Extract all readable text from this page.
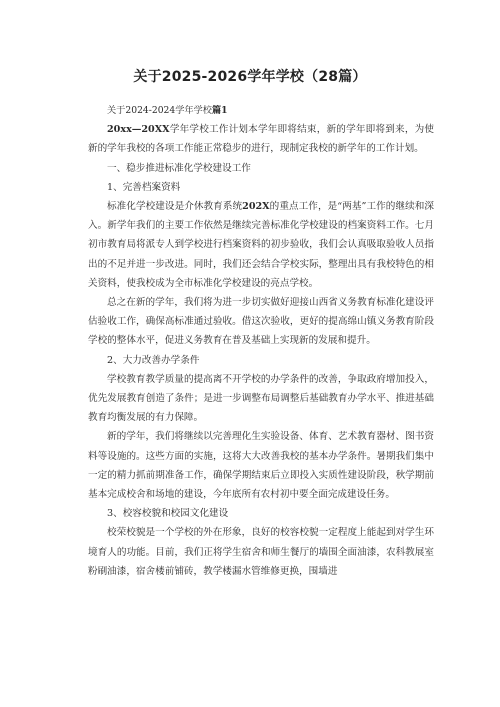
关于2025-2026学年学校（28篇）

关于2024-2024学年学校篇1

20xx—20XX学年学校工作计划本学年即将结束，新的学年即将到来，为使新的学年我校的各项工作能正常稳步的进行，现制定我校的新学年的工作计划。

一、稳步推进标准化学校建设工作

1、完善档案资料

标准化学校建设是介休教育系统202X的重点工作，是“两基”工作的继续和深入。新学年我们的主要工作依然是继续完善标准化学校建设的档案资料工作。七月初市教育局将派专人到学校进行档案资料的初步验收，我们会认真吸取验收人员指出的不足并进一步改进。同时，我们还会结合学校实际，整理出具有我校特色的相关资料，使我校成为全市标准化学校建设的亮点学校。

总之在新的学年，我们将为进一步切实做好迎接山西省义务教育标准化建设评估验收工作，确保高标准通过验收。借这次验收，更好的提高绵山镇义务教育阶段学校的整体水平，促进义务教育在普及基础上实现新的发展和提升。

2、大力改善办学条件

学校教育教学质量的提高离不开学校的办学条件的改善，争取政府增加投入，优先发展教育创造了条件；是进一步调整布局调整后基础教育办学水平、推进基础教育均衡发展的有力保障。

新的学年，我们将继续以完善理化生实验设备、体育、艺术教育器材、图书资料等设施的。这些方面的实施，这将大大改善我校的基本办学条件。暑期我们集中一定的精力抓前期准备工作，确保学期结束后立即投入实质性建设阶段，秋学期前基本完成校舍和场地的建设，今年底所有农村初中要全面完成建设任务。

3、校容校貌和校园文化建设

校荣校貌是一个学校的外在形象，良好的校容校貌一定程度上能起到对学生环境育人的功能。目前，我们正将学生宿舍和师生餐厅的墙围全面油漆，农科教展室粉刷油漆，宿舍楼前铺砖，教学楼漏水管维修更换，围墙进
